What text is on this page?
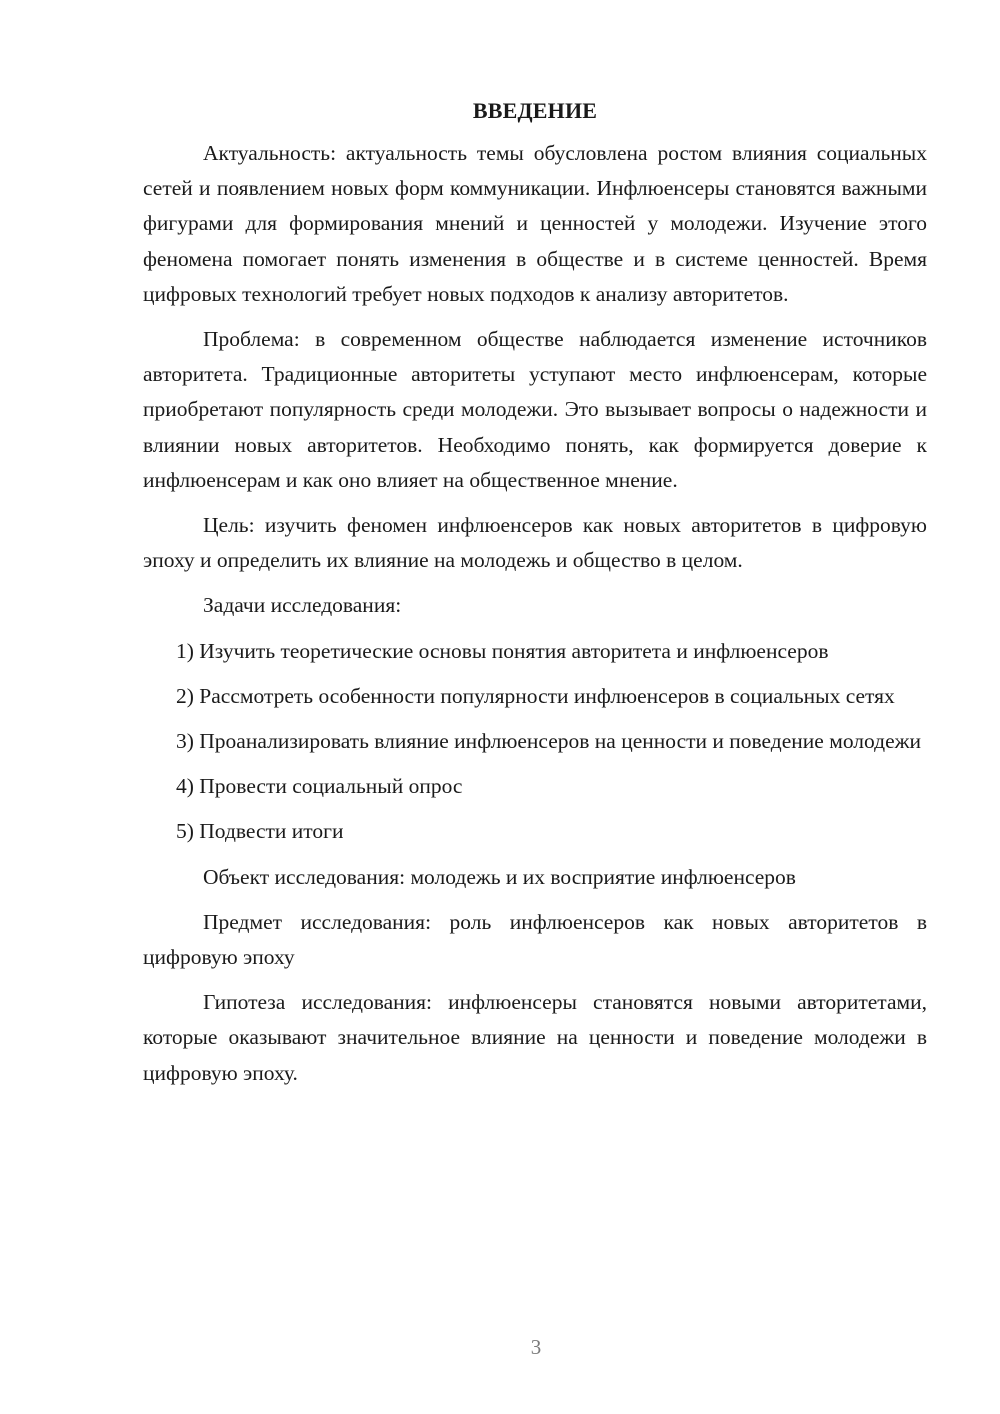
ВВЕДЕНИЕ

Актуальность: актуальность темы обусловлена ростом влияния социальных сетей и появлением новых форм коммуникации. Инфлюенсеры становятся важными фигурами для формирования мнений и ценностей у молодежи. Изучение этого феномена помогает понять изменения в обществе и в системе ценностей. Время цифровых технологий требует новых подходов к анализу авторитетов.

Проблема: в современном обществе наблюдается изменение источников авторитета. Традиционные авторитеты уступают место инфлюенсерам, которые приобретают популярность среди молодежи. Это вызывает вопросы о надежности и влиянии новых авторитетов. Необходимо понять, как формируется доверие к инфлюенсерам и как оно влияет на общественное мнение.

Цель: изучить феномен инфлюенсеров как новых авторитетов в цифровую эпоху и определить их влияние на молодежь и общество в целом.

Задачи исследования:

1) Изучить теоретические основы понятия авторитета и инфлюенсеров

2) Рассмотреть особенности популярности инфлюенсеров в социальных сетях

3) Проанализировать влияние инфлюенсеров на ценности и поведение молодежи

4) Провести социальный опрос

5) Подвести итоги

Объект исследования: молодежь и их восприятие инфлюенсеров

Предмет исследования: роль инфлюенсеров как новых авторитетов в цифровую эпоху

Гипотеза исследования: инфлюенсеры становятся новыми авторитетами, которые оказывают значительное влияние на ценности и поведение молодежи в цифровую эпоху.

3
